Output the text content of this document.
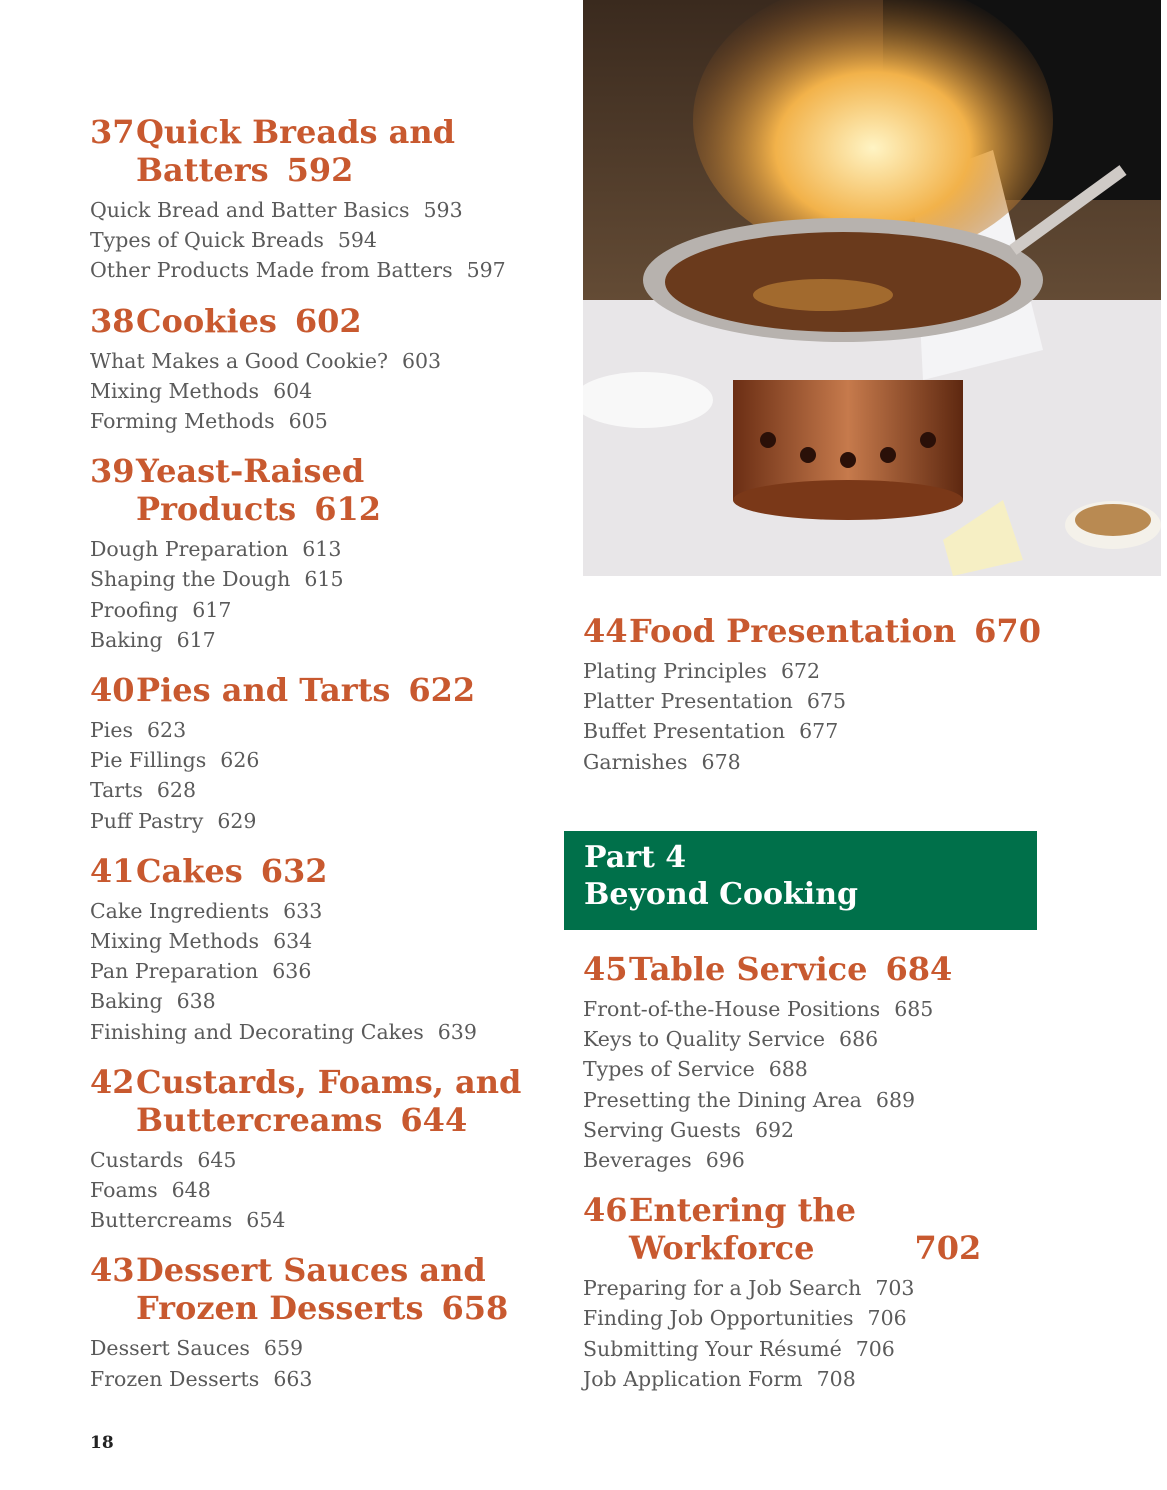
37 Quick Breads and
Batters 592
Quick Bread and Batter Basics 593
Types of Quick Breads 594
Other Products Made from Batters 597
38 Cookies 602
What Makes a Good Cookie? 603
Mixing Methods 604
Forming Methods 605
39 Yeast-Raised
Products 612
Dough Preparation 613
Shaping the Dough 615
Proofing 617
Baking 617
40 Pies and Tarts 622
Pies 623
Pie Fillings 626
Tarts 628
Puff Pastry 629
41 Cakes 632
Cake Ingredients 633
Mixing Methods 634
Pan Preparation 636
Baking 638
Finishing and Decorating Cakes 639
42 Custards, Foams, and
Buttercreams 644
Custards 645
Foams 648
Buttercreams 654
43 Dessert Sauces and
Frozen Desserts 658
Dessert Sauces 659
Frozen Desserts 663
44 Food Presentation 670
Plating Principles 672
Platter Presentation 675
Buffet Presentation 677
Garnishes 678
Part 4
Beyond Cooking
45 Table Service 684
Front-of-the-House Positions 685
Keys to Quality Service 686
Types of Service 688
Presetting the Dining Area 689
Serving Guests 692
Beverages 696
46 Entering the
Workforce	702
Preparing for a Job Search 703
Finding Job Opportunities 706
Submitting Your Résumé 706
Job Application Form 708
18
